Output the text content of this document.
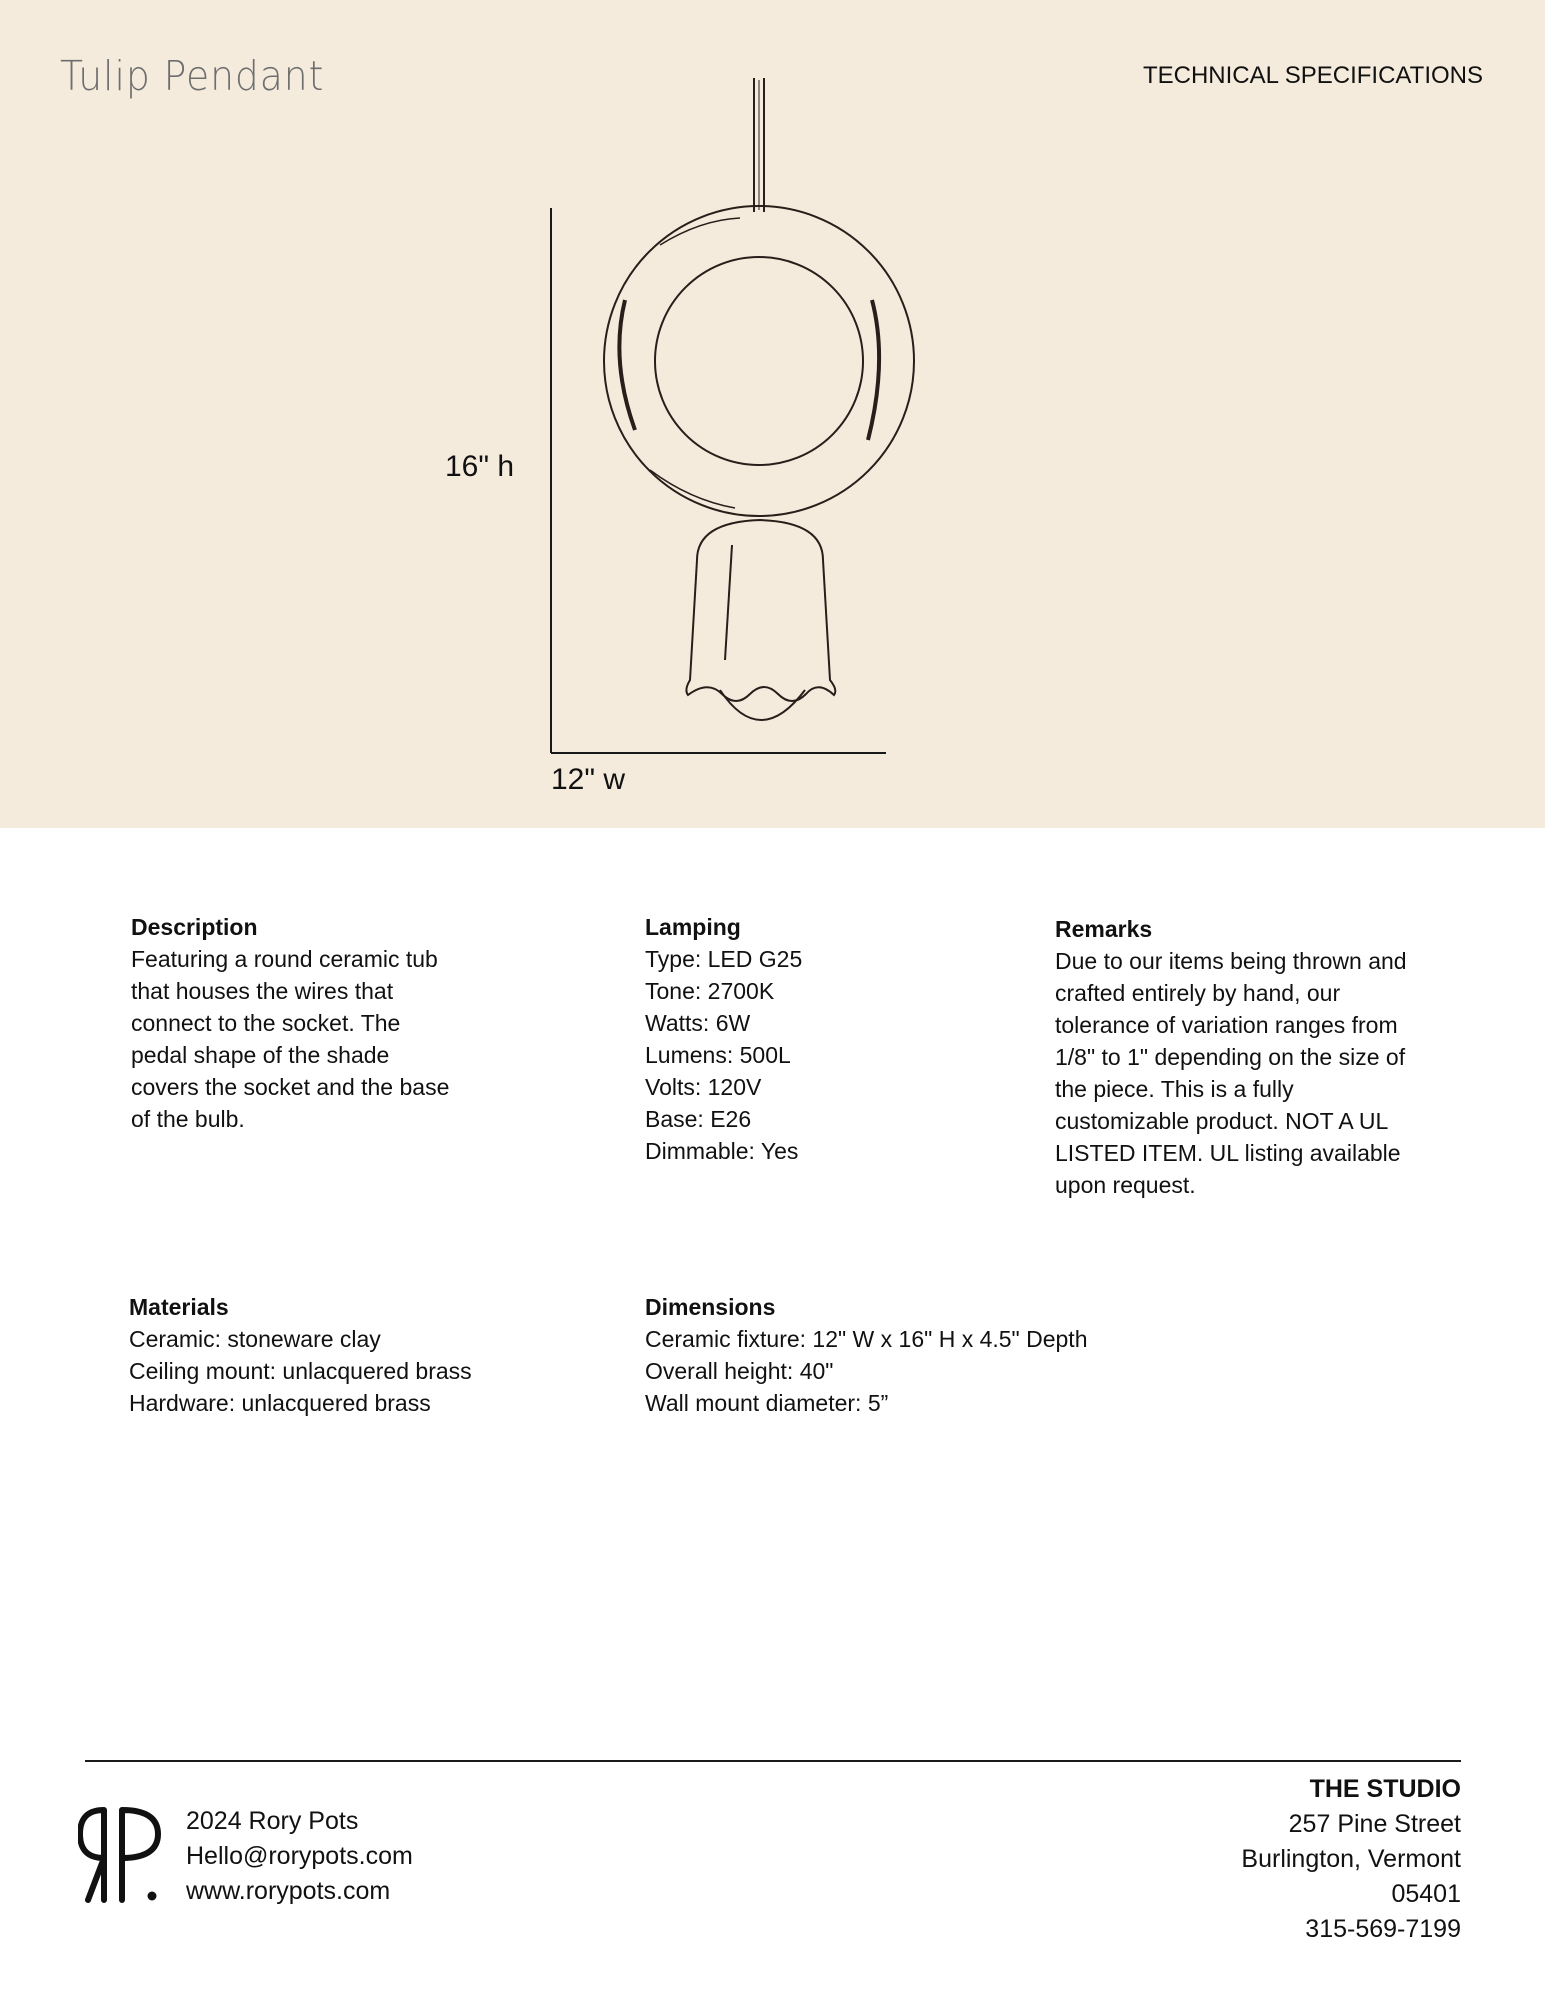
Tulip Pendant	TECHNICAL SPECIFICATIONS
16" h
12" w
Description

Featuring a round ceramic tub that houses the wires that connect to the socket. The pedal shape of the shade covers the socket and the base of the bulb.

Lamping
Type: LED G25
Tone: 2700K
Watts: 6W
Lumens: 500L
Volts: 120V
Base: E26
Dimmable: Yes
Remarks

Due to our items being thrown and crafted entirely by hand, our tolerance of variation ranges from 1/8" to 1" depending on the size of the piece. This is a fully customizable product. NOT A UL LISTED ITEM. UL listing available upon request.

Materials
Ceramic: stoneware clay
Ceiling mount: unlacquered brass
Hardware: unlacquered brass
Dimensions
Ceramic fixture: 12" W x 16" H x 4.5" Depth
Overall height: 40"
Wall mount diameter: 5”
2024 Rory Pots
Hello@rorypots.com
www.rorypots.com
THE STUDIO
257 Pine Street
Burlington, Vermont
05401
315-569-7199
